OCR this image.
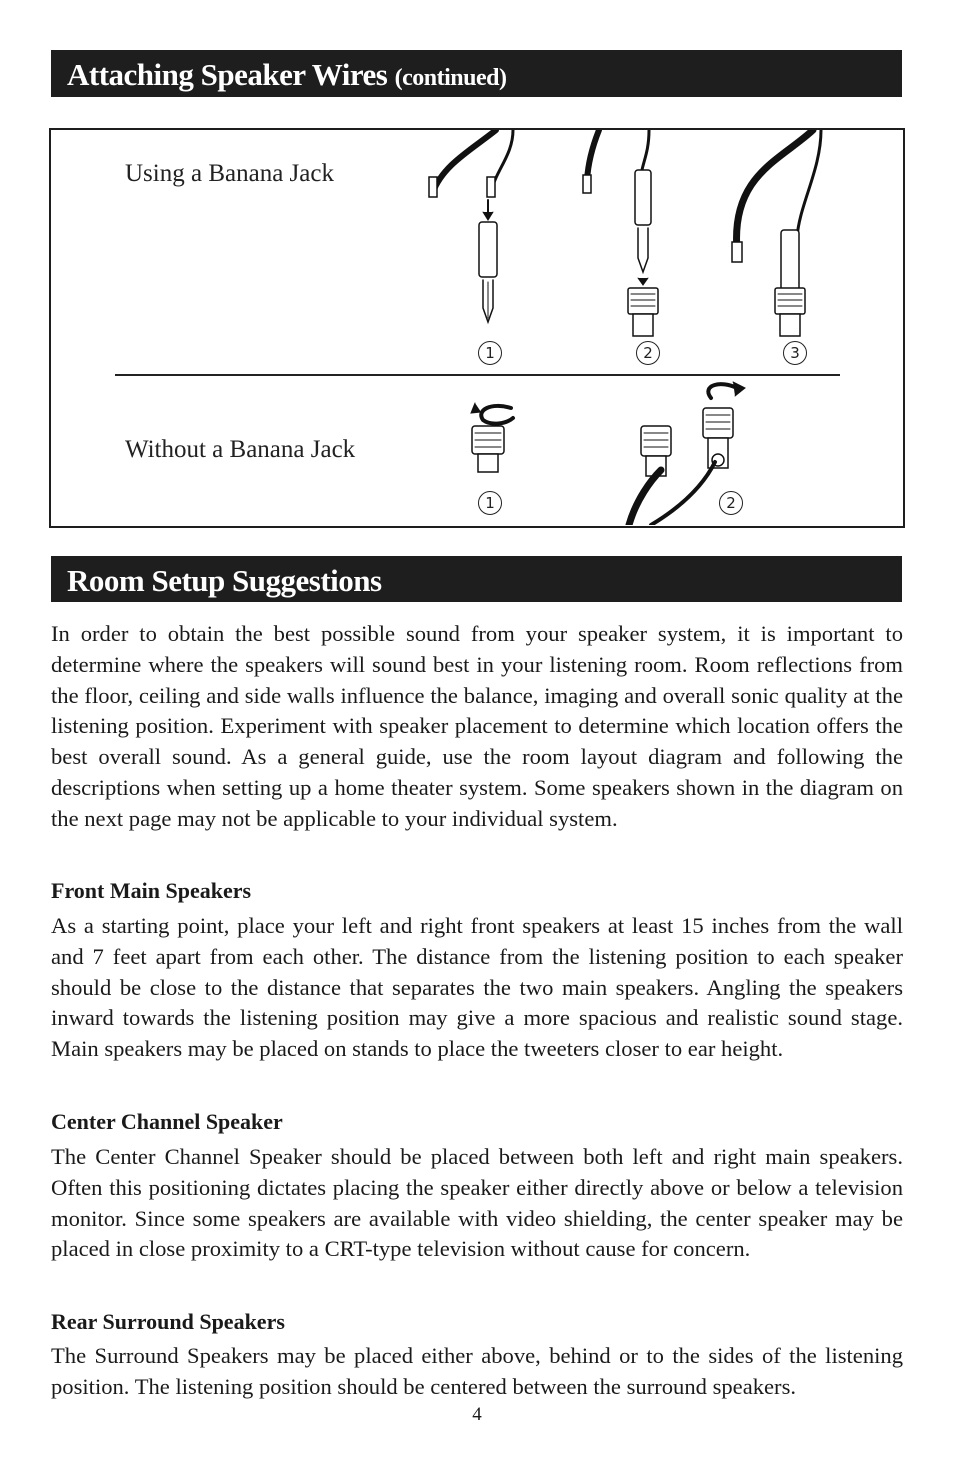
Attaching Speaker Wires (continued)
Using a Banana Jack
Without a Banana Jack
1	2	3
1	2
Room Setup Suggestions

In order to obtain the best possible sound from your speaker system, it is important to determine where the speakers will sound best in your listening room. Room reflections from the floor, ceiling and side walls influence the balance, imaging and overall sonic quality at the listening position. Experiment with speaker placement to determine which location offers the best overall sound. As a general guide, use the room layout diagram and following the descriptions when setting up a home theater system. Some speakers shown in the diagram on the next page may not be applicable to your individual system.

Front Main Speakers

As a starting point, place your left and right front speakers at least 15 inches from the wall and 7 feet apart from each other. The distance from the listening position to each speaker should be close to the distance that separates the two main speakers. Angling the speakers inward towards the listening position may give a more spacious and realistic sound stage. Main speakers may be placed on stands to place the tweeters closer to ear height.

Center Channel Speaker

The Center Channel Speaker should be placed between both left and right main speakers. Often this positioning dictates placing the speaker either directly above or below a television monitor. Since some speakers are available with video shielding, the center speaker may be placed in close proximity to a CRT-type television without cause for concern.

Rear Surround Speakers

The Surround Speakers may be placed either above, behind or to the sides of the listening position. The listening position should be centered between the surround speakers.

4
